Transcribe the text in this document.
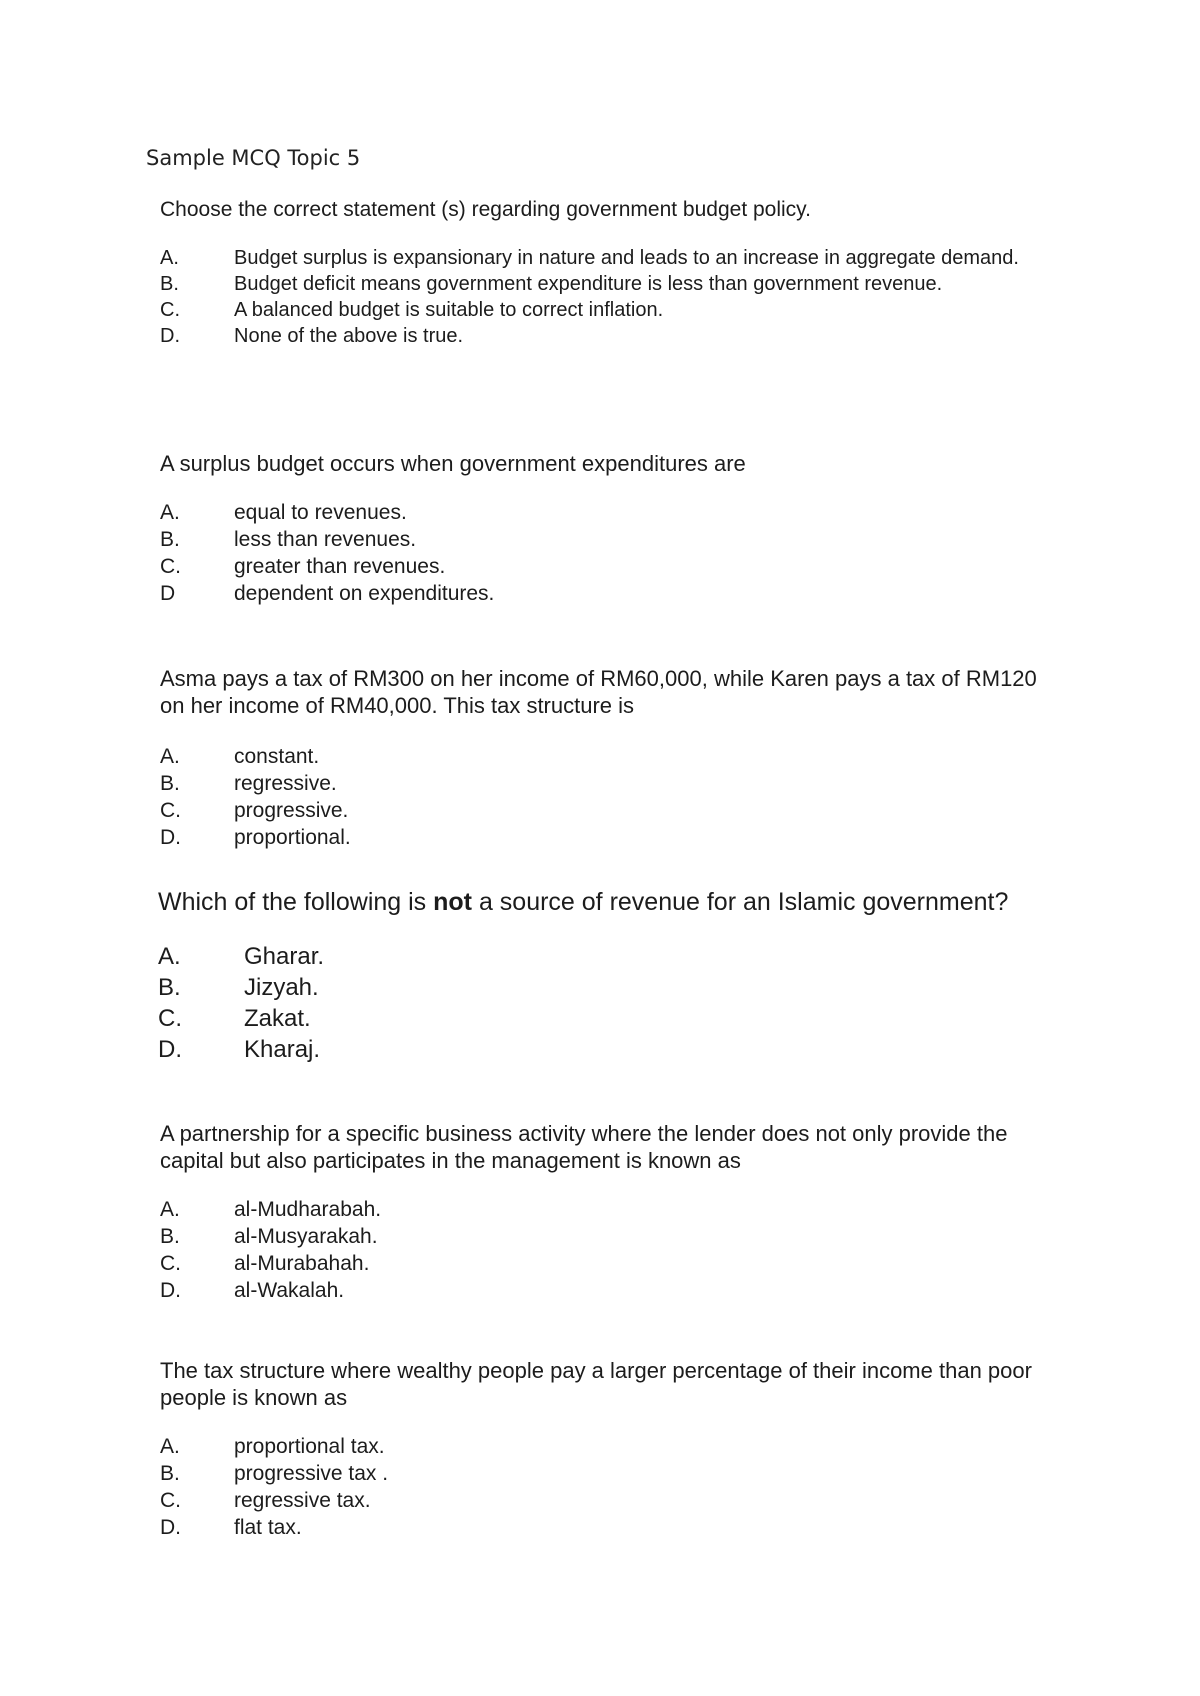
Sample MCQ Topic 5
Choose the correct statement (s) regarding government budget policy.
A.	Budget surplus is expansionary in nature and leads to an increase in aggregate demand.
B.	Budget deficit means government expenditure is less than government revenue.
C.	A balanced budget is suitable to correct inflation.
D.	None of the above is true.
A surplus budget occurs when government expenditures are
A.	equal to revenues.
B.	less than revenues.
C.	greater than revenues.
D	dependent on expenditures.
Asma pays a tax of RM300 on her income of RM60,000, while Karen pays a tax of RM120 on her income of RM40,000. This tax structure is
A.	constant.
B.	regressive.
C.	progressive.
D.	proportional.
Which of the following is not a source of revenue for an Islamic government?
A.	Gharar.
B.	Jizyah.
C.	Zakat.
D.	Kharaj.
A partnership for a specific business activity where the lender does not only provide the capital but also participates in the management is known as
A.	al-Mudharabah.
B.	al-Musyarakah.
C.	al-Murabahah.
D.	al-Wakalah.
The tax structure where wealthy people pay a larger percentage of their income than poor people is known as
A.	proportional tax.
B.	progressive tax .
C.	regressive tax.
D.	flat tax.
